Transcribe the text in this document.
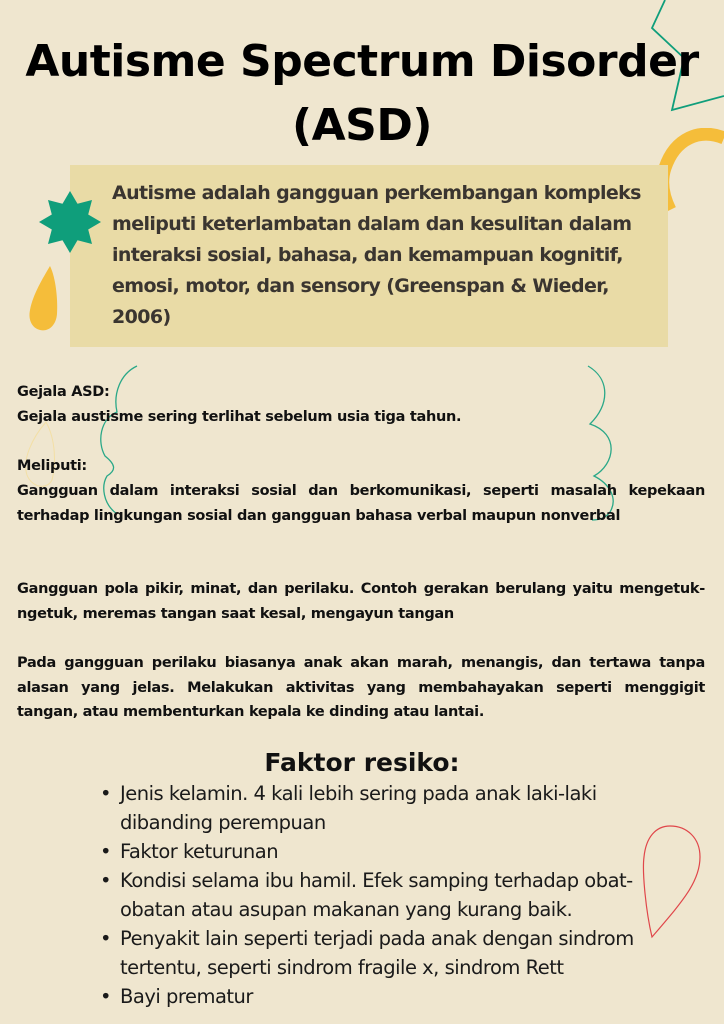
Autisme Spectrum Disorder
(ASD)
Autisme adalah gangguan perkembangan kompleks meliputi keterlambatan dalam dan kesulitan dalam interaksi sosial, bahasa, dan kemampuan kognitif, emosi, motor, dan sensory (Greenspan & Wieder, 2006)
Gejala ASD:
Gejala austisme sering terlihat sebelum usia tiga tahun.
Meliputi:
Gangguan dalam interaksi sosial dan berkomunikasi, seperti masalah kepekaan terhadap lingkungan sosial dan gangguan bahasa verbal maupun nonverbal
Gangguan pola pikir, minat, dan perilaku. Contoh gerakan berulang yaitu mengetuk-ngetuk, meremas tangan saat kesal, mengayun tangan
Pada gangguan perilaku biasanya anak akan marah, menangis, dan tertawa tanpa alasan yang jelas. Melakukan aktivitas yang membahayakan seperti menggigit tangan, atau membenturkan kepala ke dinding atau lantai.
Faktor resiko:
• Jenis kelamin. 4 kali lebih sering pada anak laki-laki dibanding perempuan
• Faktor keturunan
• Kondisi selama ibu hamil. Efek samping terhadap obat-obatan atau asupan makanan yang kurang baik.
• Penyakit lain seperti terjadi pada anak dengan sindrom tertentu, seperti sindrom fragile x, sindrom Rett
• Bayi prematur
